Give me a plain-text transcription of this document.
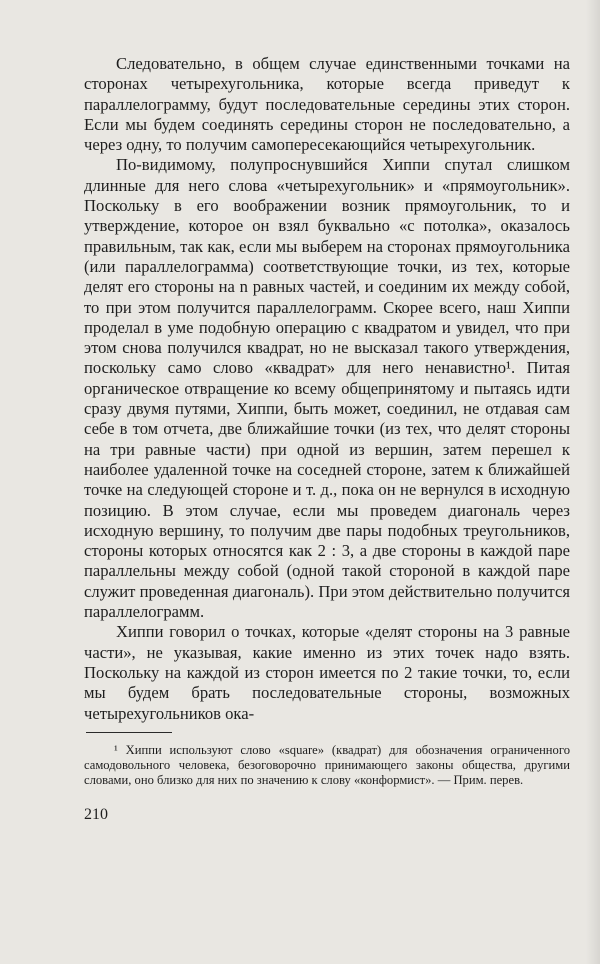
Следовательно, в общем случае единственными точками на сторонах четырехугольника, которые всегда приведут к параллелограмму, будут последовательные середины этих сторон. Если мы будем соединять середины сторон не последовательно, а через одну, то получим самопересекающийся четырехугольник.

По-видимому, полупроснувшийся Хиппи спутал слишком длинные для него слова «четырехугольник» и «прямоугольник». Поскольку в его воображении возник прямоугольник, то и утверждение, которое он взял буквально «с потолка», оказалось правильным, так как, если мы выберем на сторонах прямоугольника (или параллелограмма) соответствующие точки, из тех, которые делят его стороны на n равных частей, и соединим их между собой, то при этом получится параллелограмм. Скорее всего, наш Хиппи проделал в уме подобную операцию с квадратом и увидел, что при этом снова получился квадрат, но не высказал такого утверждения, поскольку само слово «квадрат» для него ненавистно¹. Питая органическое отвращение ко всему общепринятому и пытаясь идти сразу двумя путями, Хиппи, быть может, соединил, не отдавая сам себе в том отчета, две ближайшие точки (из тех, что делят стороны на три равные части) при одной из вершин, затем перешел к наиболее удаленной точке на соседней стороне, затем к ближайшей точке на следующей стороне и т. д., пока он не вернулся в исходную позицию. В этом случае, если мы проведем диагональ через исходную вершину, то получим две пары подобных треугольников, стороны которых относятся как 2 : 3, а две стороны в каждой паре параллельны между собой (одной такой стороной в каждой паре служит проведенная диагональ). При этом действительно получится параллелограмм.

Хиппи говорил о точках, которые «делят стороны на 3 равные части», не указывая, какие именно из этих точек надо взять. Поскольку на каждой из сторон имеется по 2 такие точки, то, если мы будем брать последовательные стороны, возможных четырехугольников ока-

¹ Хиппи используют слово «square» (квадрат) для обозначения ограниченного самодовольного человека, безоговорочно принимающего законы общества, другими словами, оно близко для них по значению к слову «конформист». — Прим. перев.

210
